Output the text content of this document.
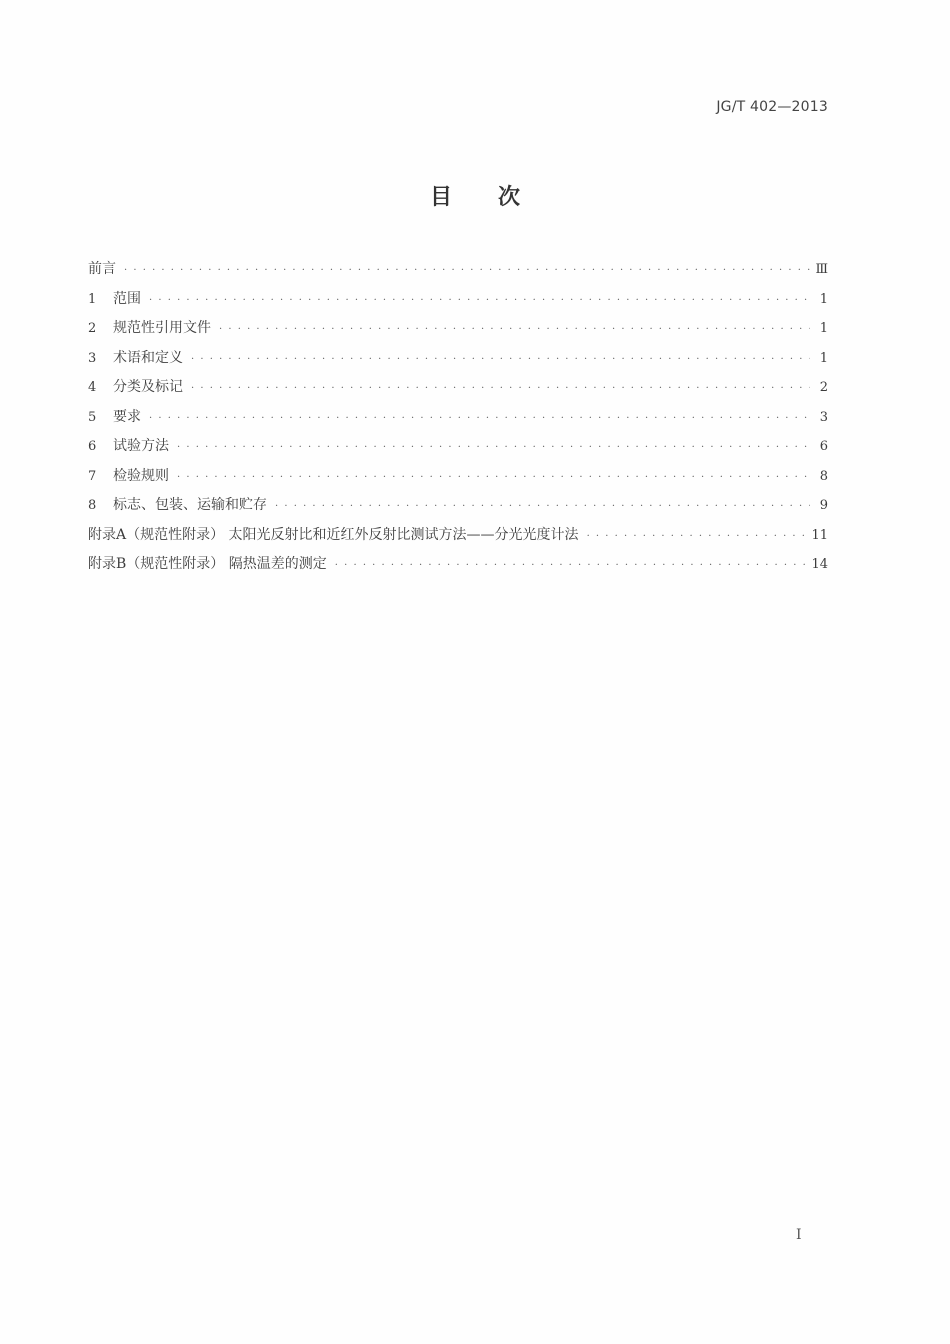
JG/T 402—2013
目次
前言 · · ·	Ⅲ
1	范围 · · ·	1
2	规范性引用文件 · · ·	1
3	术语和定义 · · ·	1
4	分类及标记 · · ·	2
5	要求 · · ·	3
6	试验方法 · · ·	6
7	检验规则 · · ·	8
8	标志、包装、运输和贮存 · · ·	9
附录A（规范性附录） 太阳光反射比和近红外反射比测试方法——分光光度计法 · · ·	11
附录B（规范性附录） 隔热温差的测定 · · ·	14
I
